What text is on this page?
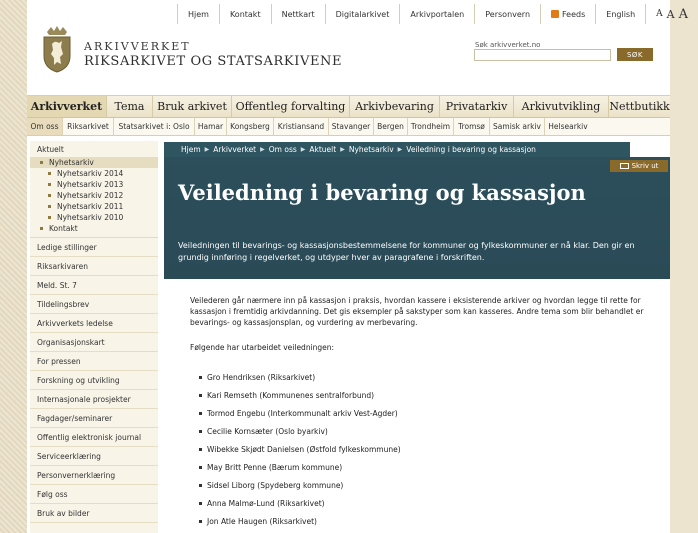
Hjem	Kontakt	Nettkart	Digitalarkivet	Arkivportalen	Personvern	Feeds	English	A A A
ARKIVVERKET
RIKSARKIVET OG STATSARKIVENE
Søk arkivverket.no
SØK
Arkivverket	Tema	Bruk arkivet Offentleg forvalting Arkivbevaring	Privatarkiv	Arkivutvikling Nettbutikk
Om oss	Riksarkivet	Statsarkivet i: Oslo	Hamar Kongsberg	Kristiansand	Stavanger Bergen Trondheim	Tromsø	Samisk arkiv Helsearkiv
Aktuelt
Nyhetsarkiv
Nyhetsarkiv 2014
Nyhetsarkiv 2013
Nyhetsarkiv 2012
Nyhetsarkiv 2011
Nyhetsarkiv 2010
Kontakt
Ledige stillinger
Riksarkivaren
Meld. St. 7
Tildelingsbrev
Arkivverkets ledelse
Organisasjonskart
For pressen
Forskning og utvikling
Internasjonale prosjekter
Fagdager/seminarer
Offentlig elektronisk journal
Serviceerklæring
Personvernerklæring
Følg oss
Bruk av bilder
Veiledning i bevaring og kassasjon
Veiledningen til bevarings- og kassasjonsbestemmelsene for kommuner og fylkeskommuner er nå klar. Den gir en grundig innføring i regelverket, og utdyper hver av paragrafene i forskriften.
Hjem ▶ Arkivverket ▶ Om oss ▶ Aktuelt ▶ Nyhetsarkiv ▶ Veiledning i bevaring og kassasjon
Skriv ut

Veilederen går nærmere inn på kassasjon i praksis, hvordan kassere i eksisterende arkiver og hvordan legge til rette for kassasjon i fremtidig arkivdanning. Det gis eksempler på sakstyper som kan kasseres. Andre tema som blir behandlet er bevarings- og kassasjonsplan, og vurdering av merbevaring.

Følgende har utarbeidet veiledningen:

Gro Hendriksen (Riksarkivet)
Kari Remseth (Kommunenes sentralforbund)
Tormod Engebu (Interkommunalt arkiv Vest-Agder)
Cecilie Kornsæter (Oslo byarkiv)
Wibekke Skjødt Danielsen (Østfold fylkeskommune)
May Britt Penne (Bærum kommune)
Sidsel Liborg (Spydeberg kommune)
Anna Malmø-Lund (Riksarkivet)
Jon Atle Haugen (Riksarkivet)
